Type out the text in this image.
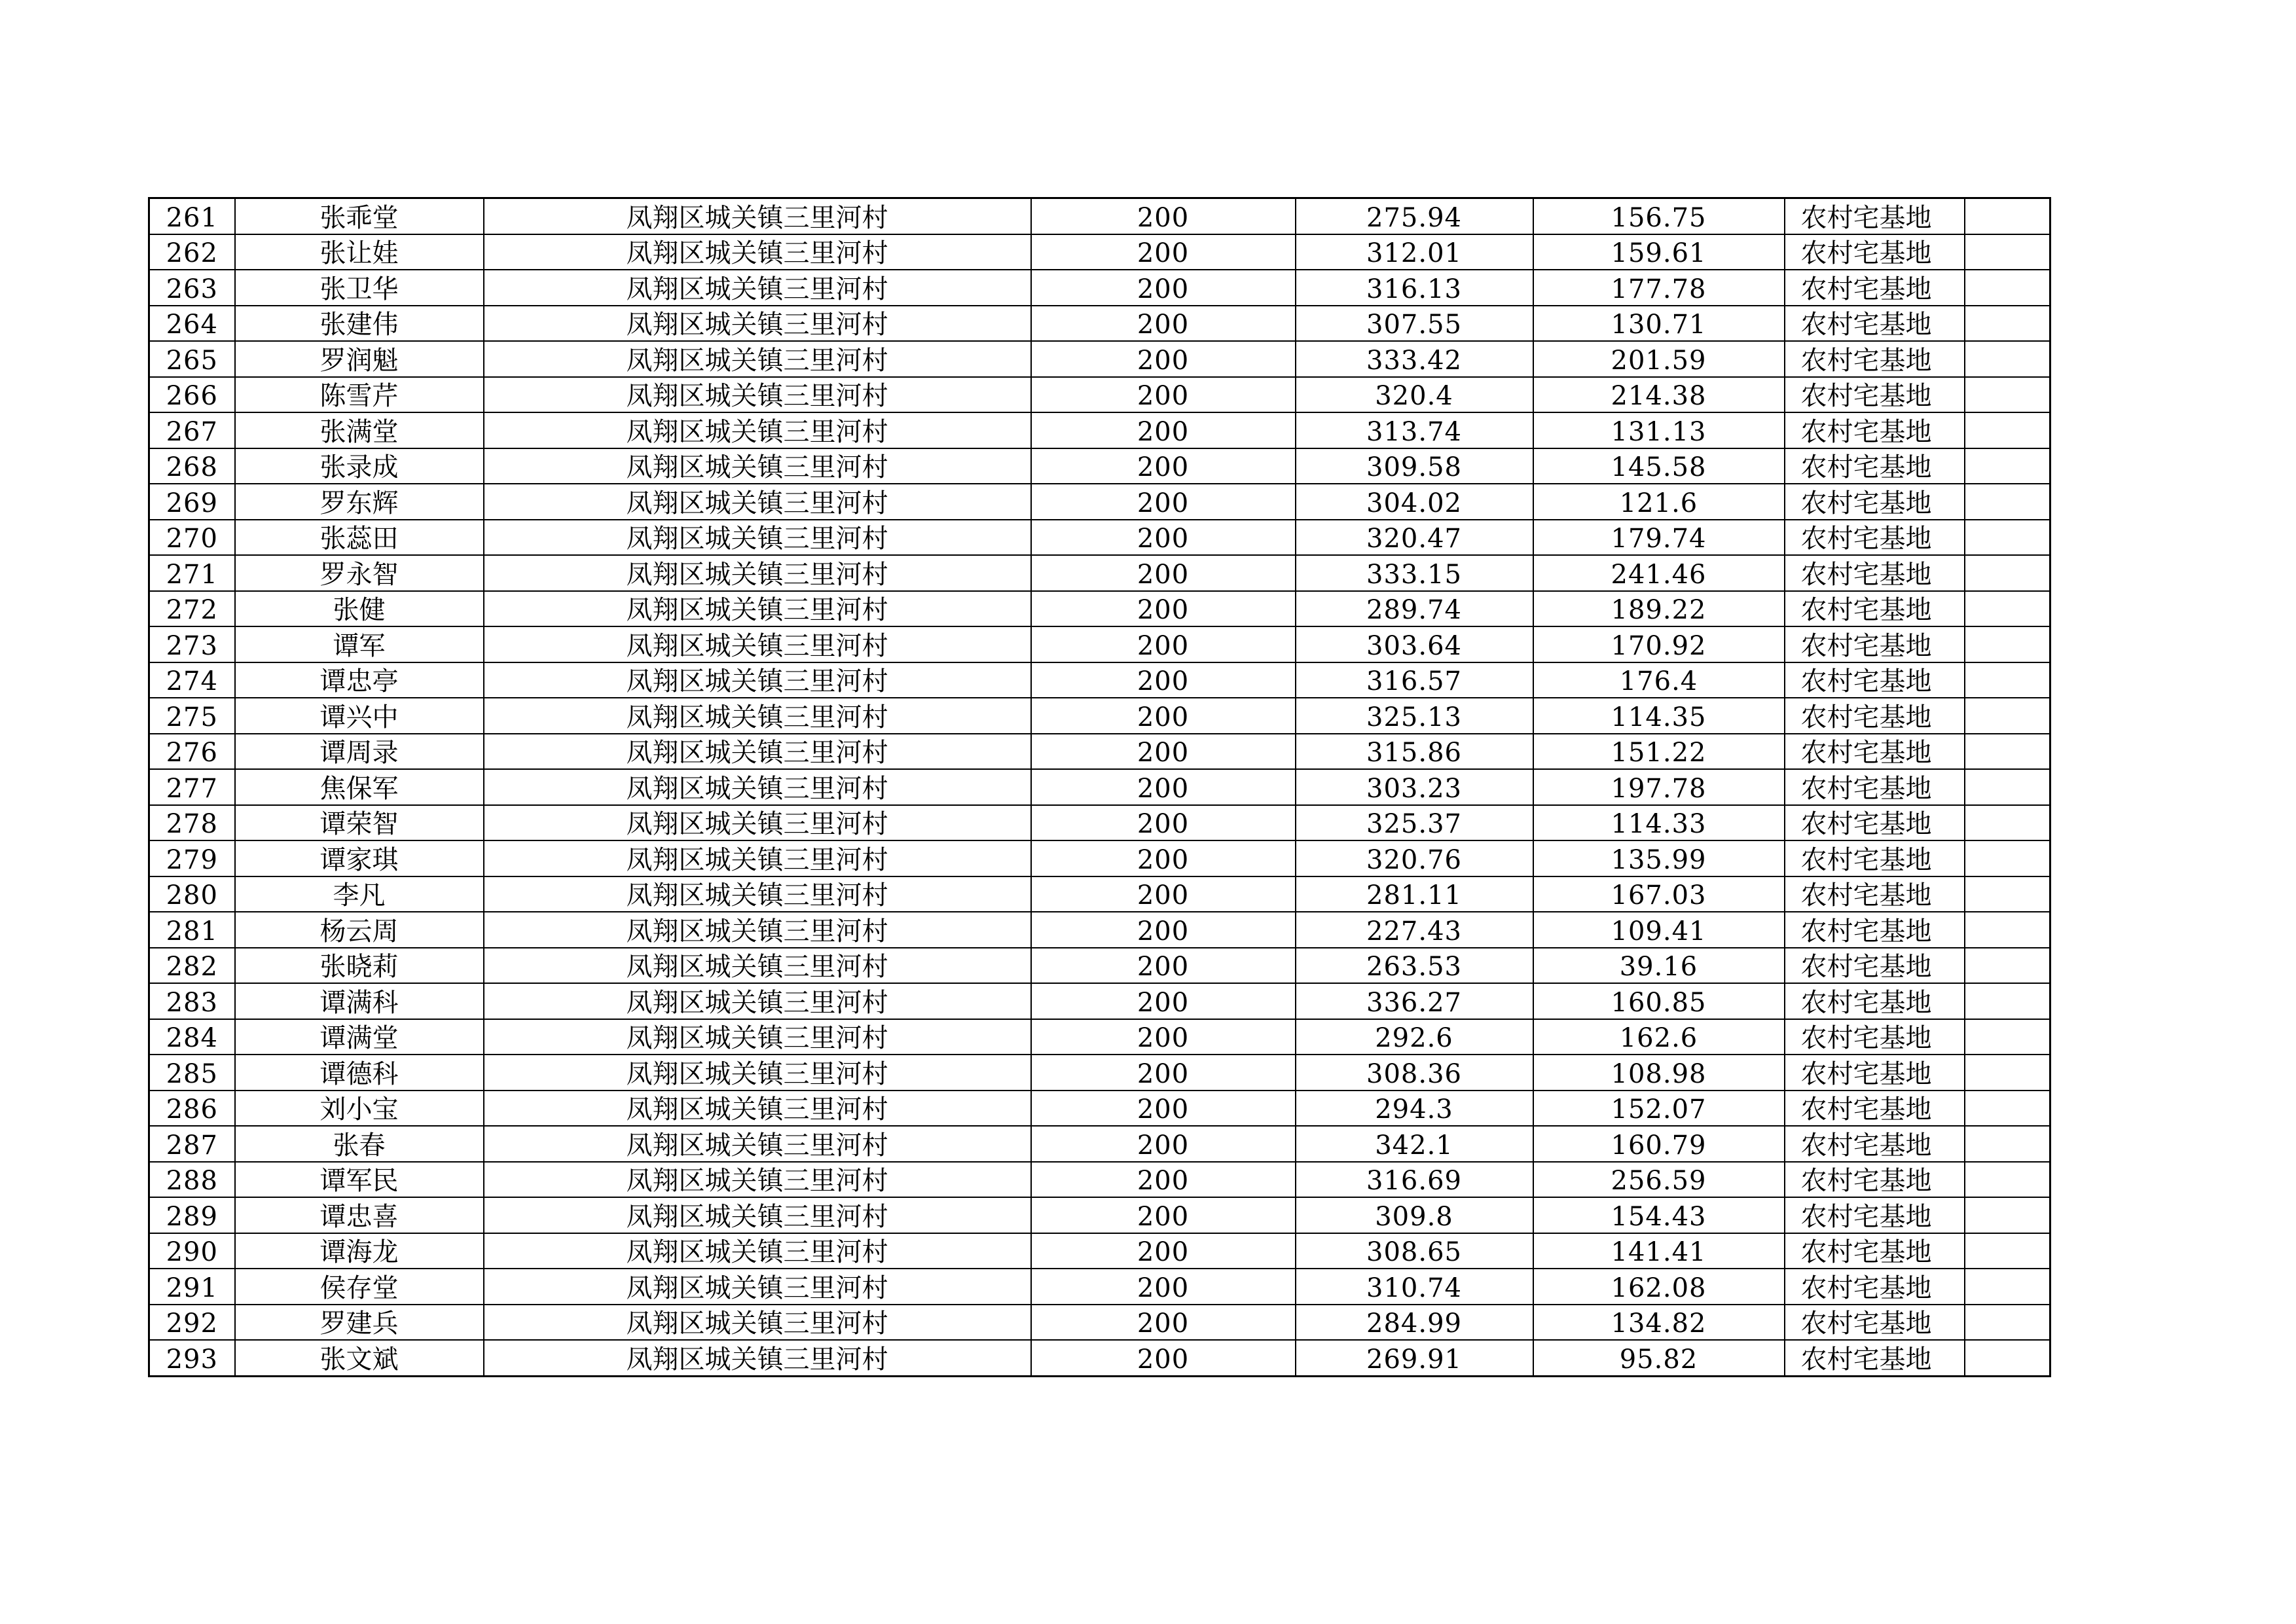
261	张乖堂	凤翔区城关镇三里河村	200	275.94	156.75	农村宅基地	
262	张让娃	凤翔区城关镇三里河村	200	312.01	159.61	农村宅基地	
263	张卫华	凤翔区城关镇三里河村	200	316.13	177.78	农村宅基地	
264	张建伟	凤翔区城关镇三里河村	200	307.55	130.71	农村宅基地	
265	罗润魁	凤翔区城关镇三里河村	200	333.42	201.59	农村宅基地	
266	陈雪芹	凤翔区城关镇三里河村	200	320.4	214.38	农村宅基地	
267	张满堂	凤翔区城关镇三里河村	200	313.74	131.13	农村宅基地	
268	张录成	凤翔区城关镇三里河村	200	309.58	145.58	农村宅基地	
269	罗东辉	凤翔区城关镇三里河村	200	304.02	121.6	农村宅基地	
270	张蕊田	凤翔区城关镇三里河村	200	320.47	179.74	农村宅基地	
271	罗永智	凤翔区城关镇三里河村	200	333.15	241.46	农村宅基地	
272	张健	凤翔区城关镇三里河村	200	289.74	189.22	农村宅基地	
273	谭军	凤翔区城关镇三里河村	200	303.64	170.92	农村宅基地	
274	谭忠亭	凤翔区城关镇三里河村	200	316.57	176.4	农村宅基地	
275	谭兴中	凤翔区城关镇三里河村	200	325.13	114.35	农村宅基地	
276	谭周录	凤翔区城关镇三里河村	200	315.86	151.22	农村宅基地	
277	焦保军	凤翔区城关镇三里河村	200	303.23	197.78	农村宅基地	
278	谭荣智	凤翔区城关镇三里河村	200	325.37	114.33	农村宅基地	
279	谭家琪	凤翔区城关镇三里河村	200	320.76	135.99	农村宅基地	
280	李凡	凤翔区城关镇三里河村	200	281.11	167.03	农村宅基地	
281	杨云周	凤翔区城关镇三里河村	200	227.43	109.41	农村宅基地	
282	张晓莉	凤翔区城关镇三里河村	200	263.53	39.16	农村宅基地	
283	谭满科	凤翔区城关镇三里河村	200	336.27	160.85	农村宅基地	
284	谭满堂	凤翔区城关镇三里河村	200	292.6	162.6	农村宅基地	
285	谭德科	凤翔区城关镇三里河村	200	308.36	108.98	农村宅基地	
286	刘小宝	凤翔区城关镇三里河村	200	294.3	152.07	农村宅基地	
287	张春	凤翔区城关镇三里河村	200	342.1	160.79	农村宅基地	
288	谭军民	凤翔区城关镇三里河村	200	316.69	256.59	农村宅基地	
289	谭忠喜	凤翔区城关镇三里河村	200	309.8	154.43	农村宅基地	
290	谭海龙	凤翔区城关镇三里河村	200	308.65	141.41	农村宅基地	
291	侯存堂	凤翔区城关镇三里河村	200	310.74	162.08	农村宅基地	
292	罗建兵	凤翔区城关镇三里河村	200	284.99	134.82	农村宅基地	
293	张文斌	凤翔区城关镇三里河村	200	269.91	95.82	农村宅基地	
